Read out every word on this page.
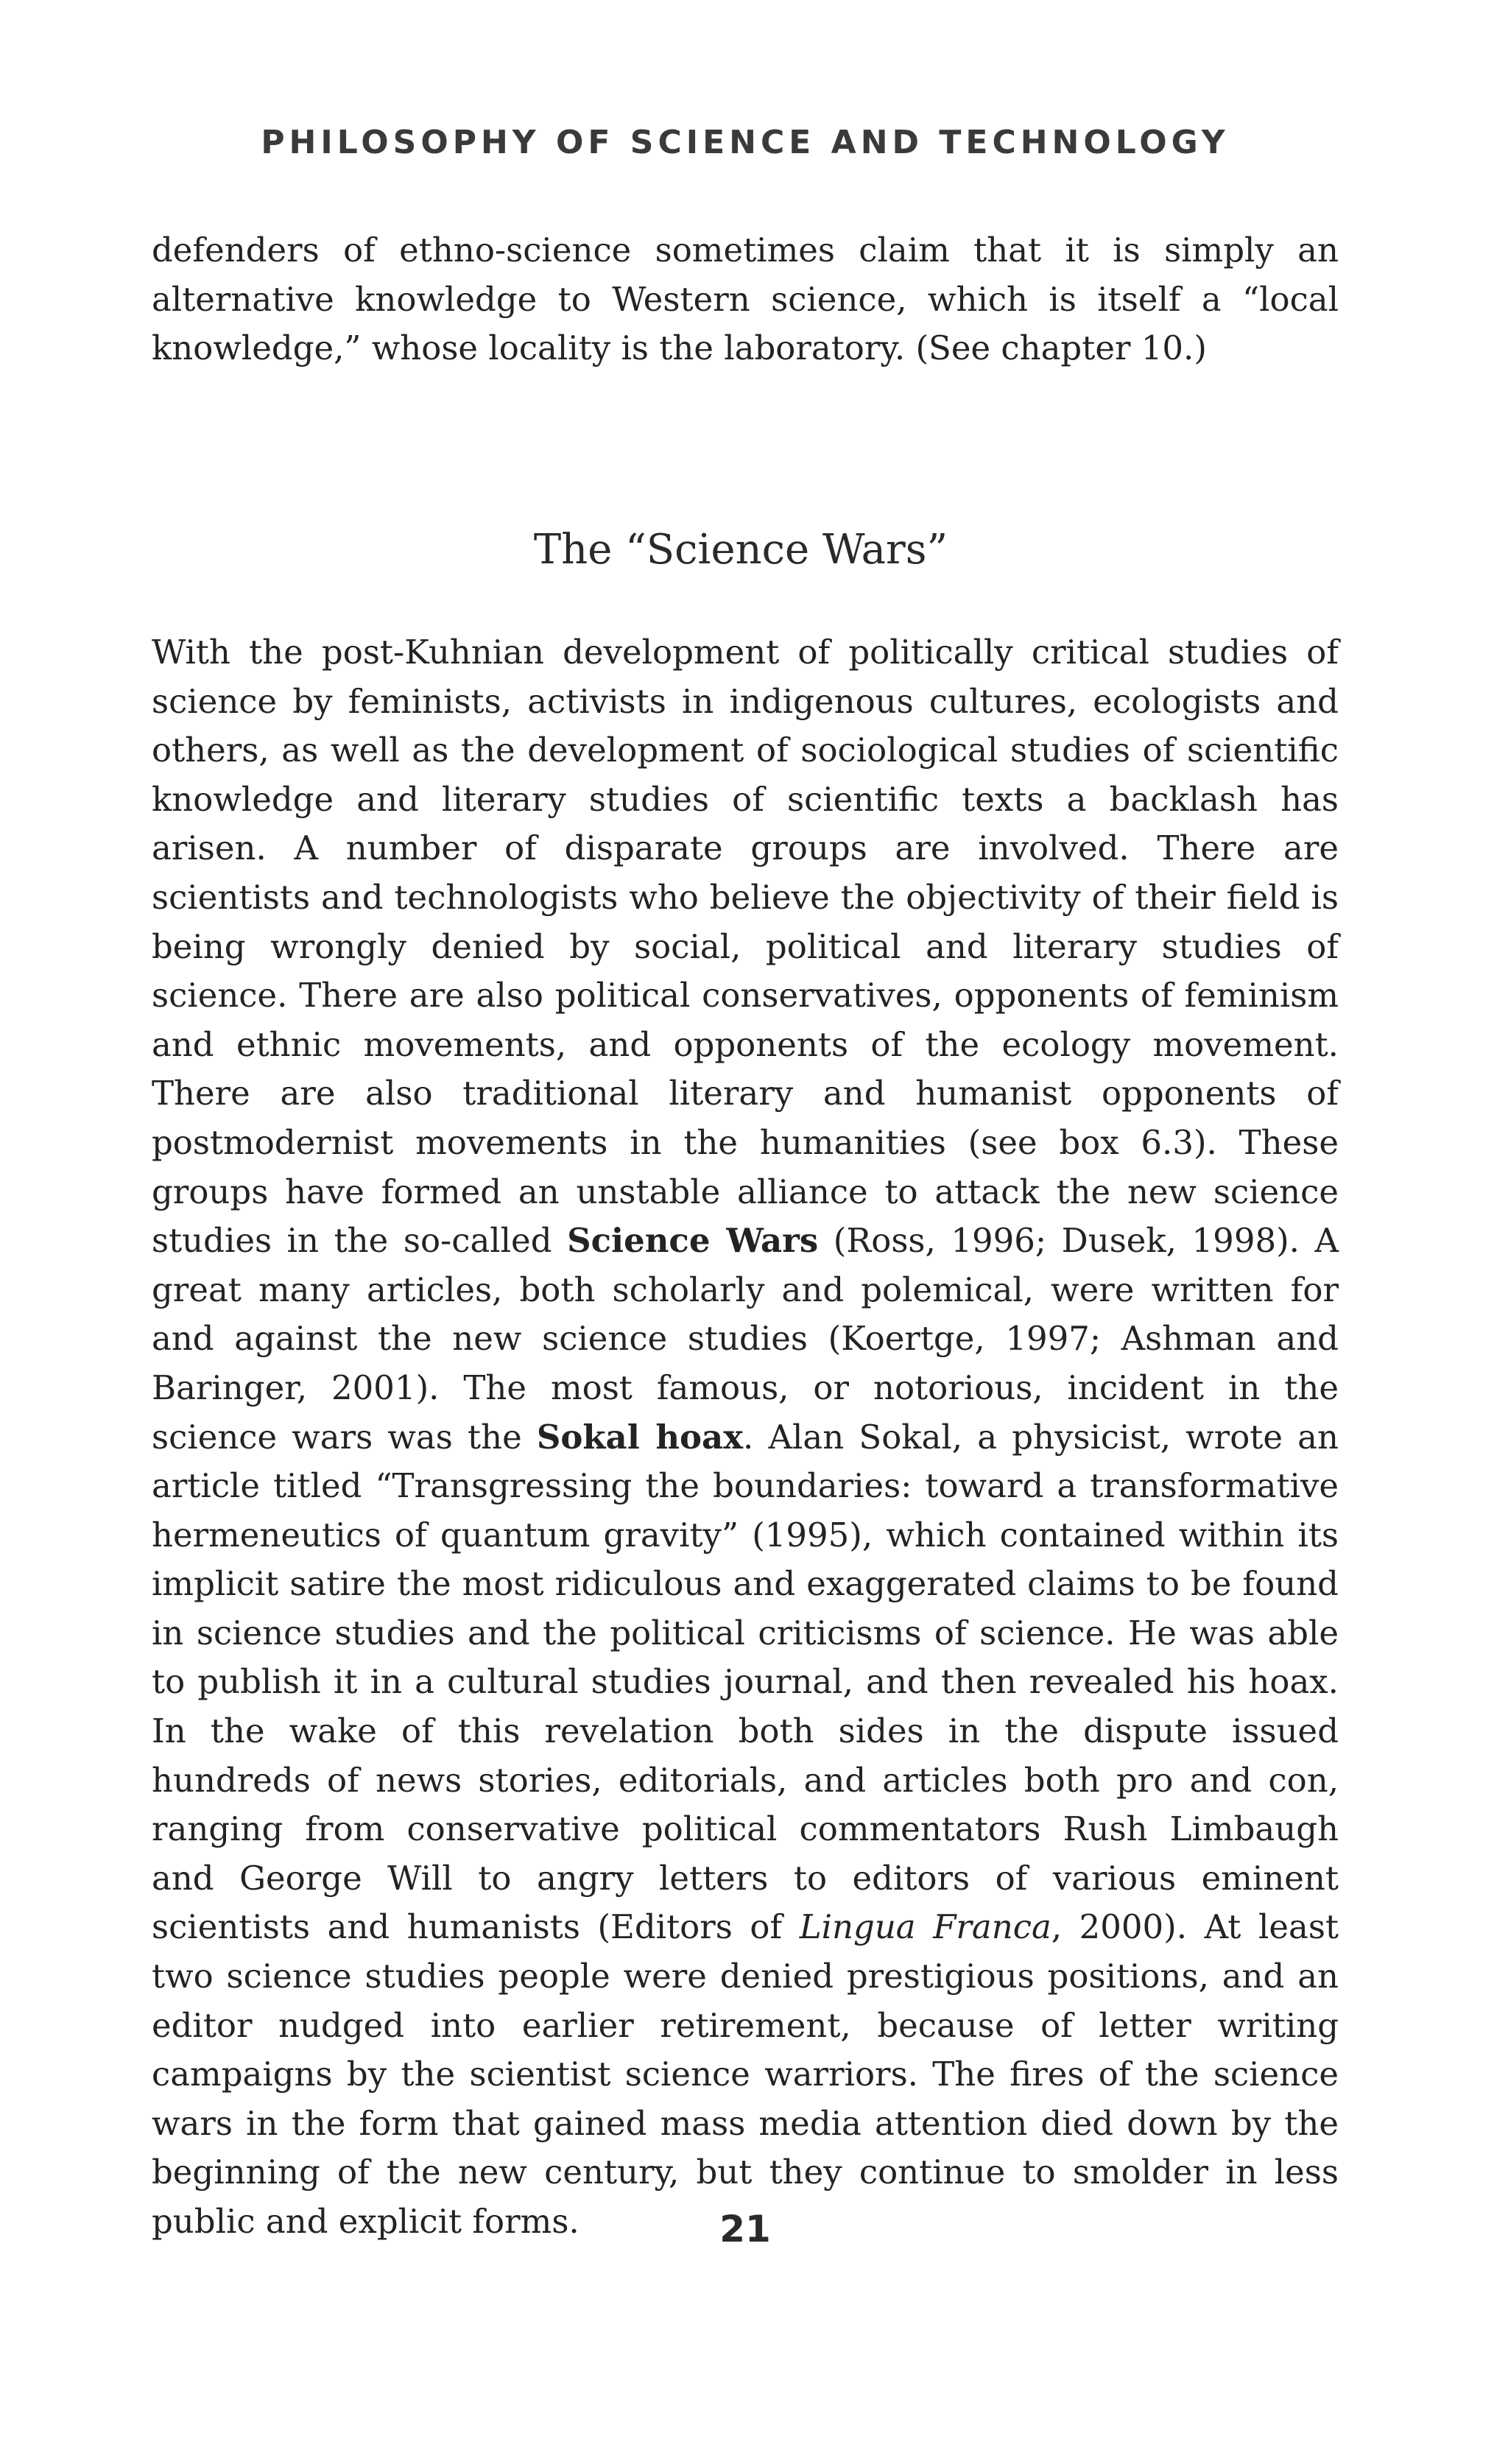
PHILOSOPHY OF SCIENCE AND TECHNOLOGY

defenders of ethno-science sometimes claim that it is simply an alternative knowledge to Western science, which is itself a “local knowledge,” whose locality is the laboratory. (See chapter 10.)

The “Science Wars”

With the post-Kuhnian development of politically critical studies of science by feminists, activists in indigenous cultures, ecologists and others, as well as the development of sociological studies of scientific knowledge and literary studies of scientific texts a backlash has arisen. A number of disparate groups are involved. There are scientists and technologists who believe the objectivity of their field is being wrongly denied by social, political and literary studies of science. There are also political conservatives, opponents of feminism and ethnic movements, and opponents of the ecology movement. There are also traditional literary and humanist opponents of postmodernist movements in the humanities (see box 6.3). These groups have formed an unstable alliance to attack the new science studies in the so-called Science Wars (Ross, 1996; Dusek, 1998). A great many articles, both scholarly and polemical, were written for and against the new science studies (Koertge, 1997; Ashman and Baringer, 2001). The most famous, or notorious, incident in the science wars was the Sokal hoax. Alan Sokal, a physicist, wrote an article titled “Transgressing the boundaries: toward a transformative hermeneutics of quantum gravity” (1995), which contained within its implicit satire the most ridiculous and exaggerated claims to be found in science studies and the political criticisms of science. He was able to publish it in a cultural studies journal, and then revealed his hoax. In the wake of this revelation both sides in the dispute issued hundreds of news stories, editorials, and articles both pro and con, ranging from conservative political commentators Rush Limbaugh and George Will to angry letters to editors of various eminent scientists and humanists (Editors of Lingua Franca, 2000). At least two science studies people were denied prestigious positions, and an editor nudged into earlier retirement, because of letter writing campaigns by the scientist science warriors. The fires of the science wars in the form that gained mass media attention died down by the beginning of the new century, but they continue to smolder in less public and explicit forms.	21
